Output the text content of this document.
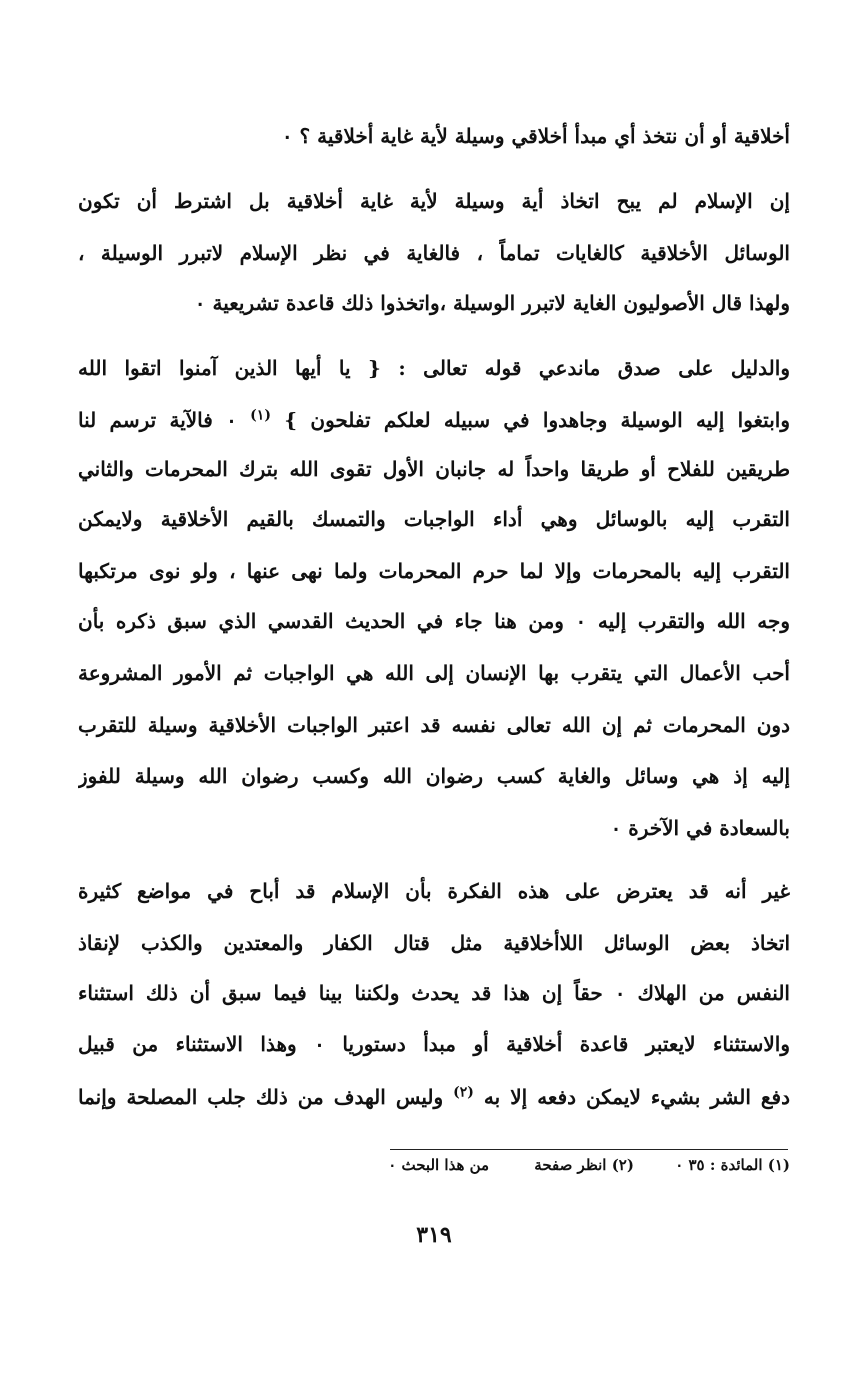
أخلاقية أو أن نتخذ أي مبدأ أخلاقي وسيلة لأية غاية أخلاقية ؟ ٠
إن الإسلام لم يبح اتخاذ أية وسيلة لأية غاية أخلاقية بل اشترط أن تكون
الوسائل الأخلاقية كالغايات تماماً ، فالغاية في نظر الإسلام لاتبرر الوسيلة ،
ولهذا قال الأصوليون الغاية لاتبرر الوسيلة ،واتخذوا ذلك قاعدة تشريعية ٠
والدليل على صدق ماندعي قوله تعالى : { يا أيها الذين آمنوا اتقوا الله
وابتغوا إليه الوسيلة وجاهدوا في سبيله لعلكم تفلحون } $^{(١)}$ ٠ فالآية ترسم لنا
طريقين للفلاح أو طريقا واحداً له جانبان الأول تقوى الله بترك المحرمات والثاني
التقرب إليه بالوسائل وهي أداء الواجبات والتمسك بالقيم الأخلاقية ولايمكن
التقرب إليه بالمحرمات وإلا لما حرم المحرمات ولما نهى عنها ، ولو نوى مرتكبها
وجه الله والتقرب إليه ٠ ومن هنا جاء في الحديث القدسي الذي سبق ذكره بأن
أحب الأعمال التي يتقرب بها الإنسان إلى الله هي الواجبات ثم الأمور المشروعة
دون المحرمات ثم إن الله تعالى نفسه قد اعتبر الواجبات الأخلاقية وسيلة للتقرب
إليه إذ هي وسائل والغاية كسب رضوان الله وكسب رضوان الله وسيلة للفوز
بالسعادة في الآخرة ٠
غير أنه قد يعترض على هذه الفكرة بأن الإسلام قد أباح في مواضع كثيرة
اتخاذ بعض الوسائل اللاأخلاقية مثل قتال الكفار والمعتدين والكذب لإنقاذ
النفس من الهلاك ٠ حقاً إن هذا قد يحدث ولكننا بينا فيما سبق أن ذلك استثناء
والاستثناء لايعتبر قاعدة أخلاقية أو مبدأ دستوريا ٠ وهذا الاستثناء من قبيل
دفع الشر بشيء لايمكن دفعه إلا به $^{(٢)}$ وليس الهدف من ذلك جلب المصلحة وإنما
(١) المائدة : ٣٥ ٠ (٢) انظر صفحة من هذا البحث ٠
٣١٩
